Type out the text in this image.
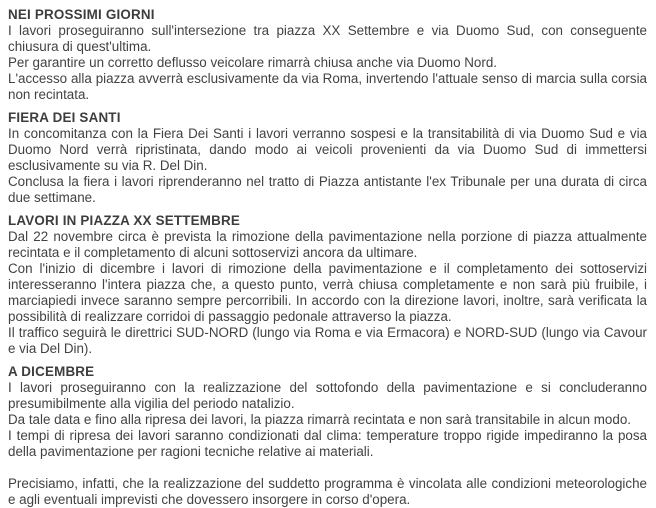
NEI PROSSIMI GIORNI

I lavori proseguiranno sull'intersezione tra piazza XX Settembre e via Duomo Sud, con conseguente chiusura di quest'ultima.

Per garantire un corretto deflusso veicolare rimarrà chiusa anche via Duomo Nord.

L'accesso alla piazza avverrà esclusivamente da via Roma, invertendo l'attuale senso di marcia sulla corsia non recintata.

FIERA DEI SANTI

In concomitanza con la Fiera Dei Santi i lavori verranno sospesi e la transitabilità di via Duomo Sud e via Duomo Nord verrà ripristinata, dando modo ai veicoli provenienti da via Duomo Sud di immettersi esclusivamente su via R. Del Din.

Conclusa la fiera i lavori riprenderanno nel tratto di Piazza antistante l'ex Tribunale per una durata di circa due settimane.

LAVORI IN PIAZZA XX SETTEMBRE

Dal 22 novembre circa è prevista la rimozione della pavimentazione nella porzione di piazza attualmente recintata e il completamento di alcuni sottoservizi ancora da ultimare.

Con l'inizio di dicembre i lavori di rimozione della pavimentazione e il completamento dei sottoservizi interesseranno l'intera piazza che, a questo punto, verrà chiusa completamente e non sarà più fruibile, i marciapiedi invece saranno sempre percorribili. In accordo con la direzione lavori, inoltre, sarà verificata la possibilità di realizzare corridoi di passaggio pedonale attraverso la piazza.

Il traffico seguirà le direttrici SUD-NORD (lungo via Roma e via Ermacora) e NORD-SUD (lungo via Cavour e via Del Din).

A DICEMBRE

I lavori proseguiranno con la realizzazione del sottofondo della pavimentazione e si concluderanno presumibilmente alla vigilia del periodo natalizio.

Da tale data e fino alla ripresa dei lavori, la piazza rimarrà recintata e non sarà transitabile in alcun modo.

I tempi di ripresa dei lavori saranno condizionati dal clima: temperature troppo rigide impediranno la posa della pavimentazione per ragioni tecniche relative ai materiali.

Precisiamo, infatti, che la realizzazione del suddetto programma è vincolata alle condizioni meteorologiche e agli eventuali imprevisti che dovessero insorgere in corso d'opera.
